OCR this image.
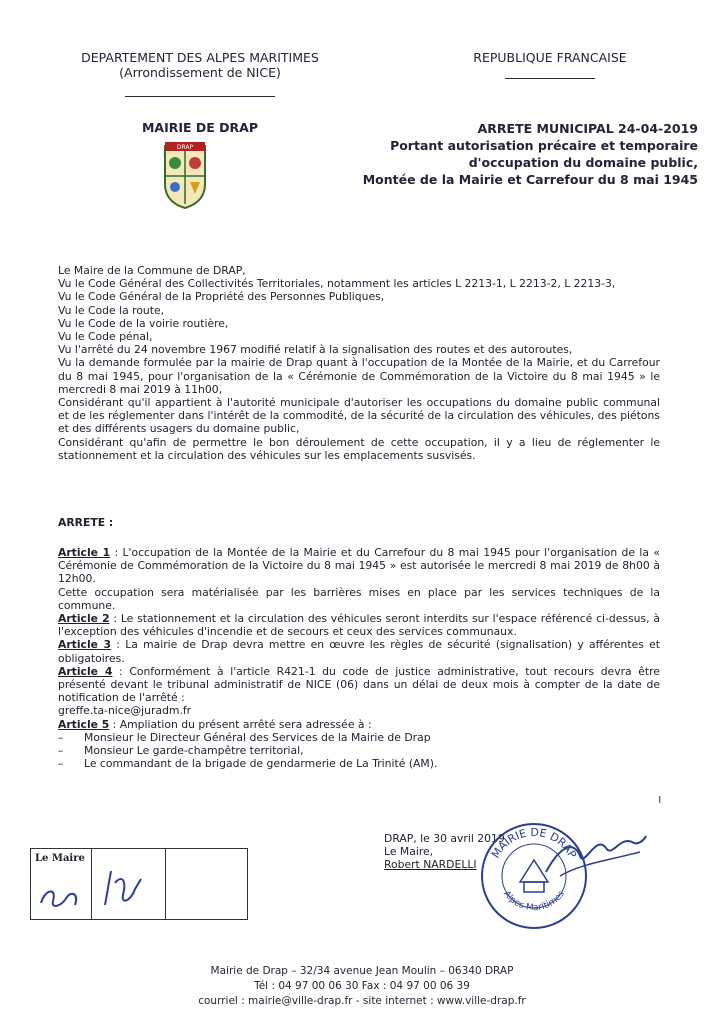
DEPARTEMENT DES ALPES MARITIMES
(Arrondissement de NICE)
REPUBLIQUE FRANCAISE
MAIRIE DE DRAP
DRAP
ARRETE MUNICIPAL 24-04-2019
Portant autorisation précaire et temporaire
d'occupation du domaine public,
Montée de la Mairie et Carrefour du 8 mai 1945

Le Maire de la Commune de DRAP,

Vu le Code Général des Collectivités Territoriales, notamment les articles L 2213-1, L 2213-2, L 2213-3,

Vu le Code Général de la Propriété des Personnes Publiques,

Vu le Code la route,

Vu le Code de la voirie routière,

Vu le Code pénal,

Vu l'arrêté du 24 novembre 1967 modifié relatif à la signalisation des routes et des autoroutes,

Vu la demande formulée par la mairie de Drap quant à l'occupation de la Montée de la Mairie, et du Carrefour du 8 mai 1945, pour l'organisation de la « Cérémonie de Commémoration de la Victoire du 8 mai 1945 » le mercredi 8 mai 2019 à 11h00,

Considérant qu'il appartient à l'autorité municipale d'autoriser les occupations du domaine public communal et de les réglementer dans l'intérêt de la commodité, de la sécurité de la circulation des véhicules, des piétons et des différents usagers du domaine public,

Considérant qu'afin de permettre le bon déroulement de cette occupation, il y a lieu de réglementer le stationnement et la circulation des véhicules sur les emplacements susvisés.

ARRETE :

Article 1 : L'occupation de la Montée de la Mairie et du Carrefour du 8 mai 1945 pour l'organisation de la « Cérémonie de Commémoration de la Victoire du 8 mai 1945 » est autorisée le mercredi 8 mai 2019 de 8h00 à 12h00.

Cette occupation sera matérialisée par les barrières mises en place par les services techniques de la commune.

Article 2 : Le stationnement et la circulation des véhicules seront interdits sur l'espace référencé ci-dessus, à l'exception des véhicules d'incendie et de secours et ceux des services communaux.

Article 3 : La mairie de Drap devra mettre en œuvre les règles de sécurité (signalisation) y afférentes et obligatoires.

Article 4 : Conformément à l'article R421-1 du code de justice administrative, tout recours devra être présenté devant le tribunal administratif de NICE (06) dans un délai de deux mois à compter de la date de notification de l'arrêté :

greffe.ta-nice@juradm.fr

Article 5 : Ampliation du présent arrêté sera adressée à :

– Monsieur le Directeur Général des Services de la Mairie de Drap

– Monsieur Le garde-champêtre territorial,

– Le commandant de la brigade de gendarmerie de La Trinité (AM).

DRAP, le 30 avril 2019

Le Maire,

Robert NARDELLI

MAIRIE DE DRAP
Alpes Maritimes
Le Maire
ı
Mairie de Drap – 32/34 avenue Jean Moulin – 06340 DRAP
Tél : 04 97 00 06 30 Fax : 04 97 00 06 39
courriel : mairie@ville-drap.fr - site internet : www.ville-drap.fr
